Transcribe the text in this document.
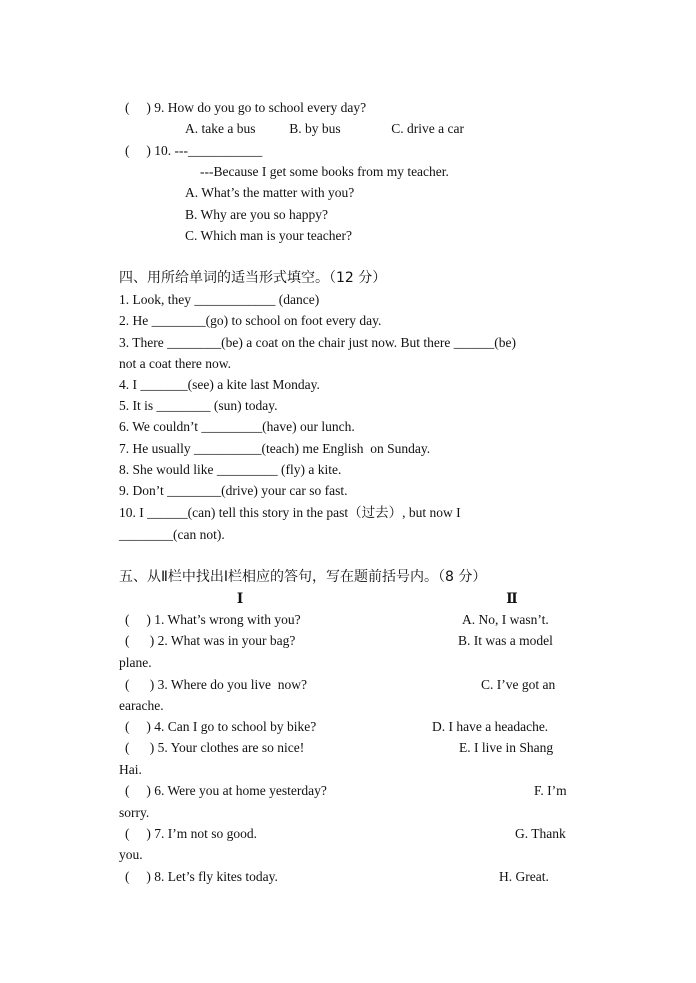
(     ) 9. How do you go to school every day?
A. take a bus          B. by bus               C. drive a car
(     ) 10. ---___________
---Because I get some books from my teacher.
A. What’s the matter with you?
B. Why are you so happy?
C. Which man is your teacher?
四、用所给单词的适当形式填空。（12 分）
1. Look, they ____________ (dance)
2. He ________(go) to school on foot every day.
3. There ________(be) a coat on the chair just now. But there ______(be)
not a coat there now.
4. I _______(see) a kite last Monday.
5. It is ________ (sun) today.
6. We couldn’t _________(have) our lunch.
7. He usually __________(teach) me English  on Sunday.
8. She would like _________ (fly) a kite.
9. Don’t ________(drive) your car so fast.
10. I ______(can) tell this story in the past（过去）, but now I
________(can not).
五、从Ⅱ栏中找出Ⅰ栏相应的答句，写在题前括号内。（8 分）
Ⅰ	Ⅱ
(     ) 1. What’s wrong with you?	A. No, I wasn’t.
(      ) 2. What was in your bag?	B. It was a model
plane.
(      ) 3. Where do you live  now?	C. I’ve got an
earache.
(     ) 4. Can I go to school by bike?	D. I have a headache.
(      ) 5. Your clothes are so nice!	E. I live in Shang
Hai.
(     ) 6. Were you at home yesterday?	F. I’m
sorry.
(     ) 7. I’m not so good.	G. Thank
you.
(     ) 8. Let’s fly kites today.	H. Great.
